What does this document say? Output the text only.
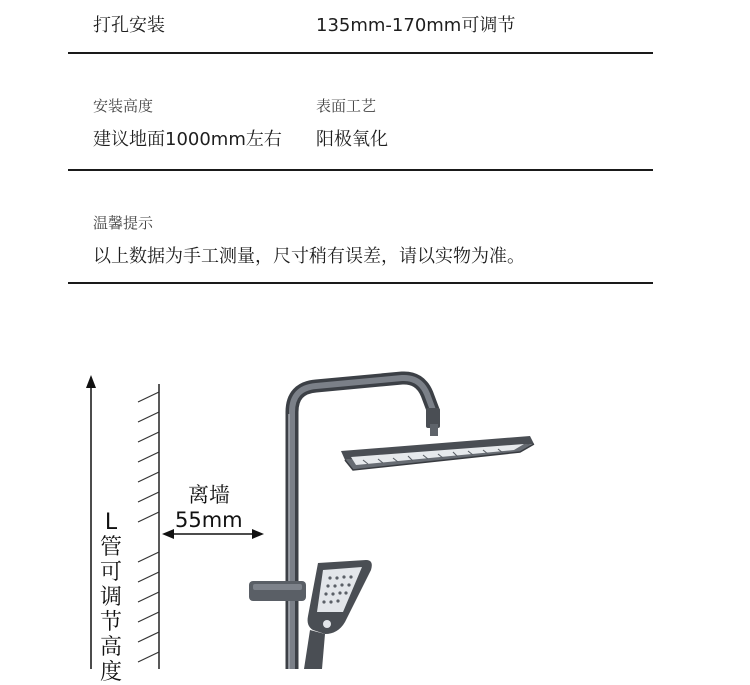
打孔安装	135mm-170mm可调节
安装高度	表面工艺
建议地面1000mm左右 阳极氧化
温馨提示
以上数据为手工测量，尺寸稍有误差，请以实物为准。
离墙
55mm
L
管
可
调
节
高
度
